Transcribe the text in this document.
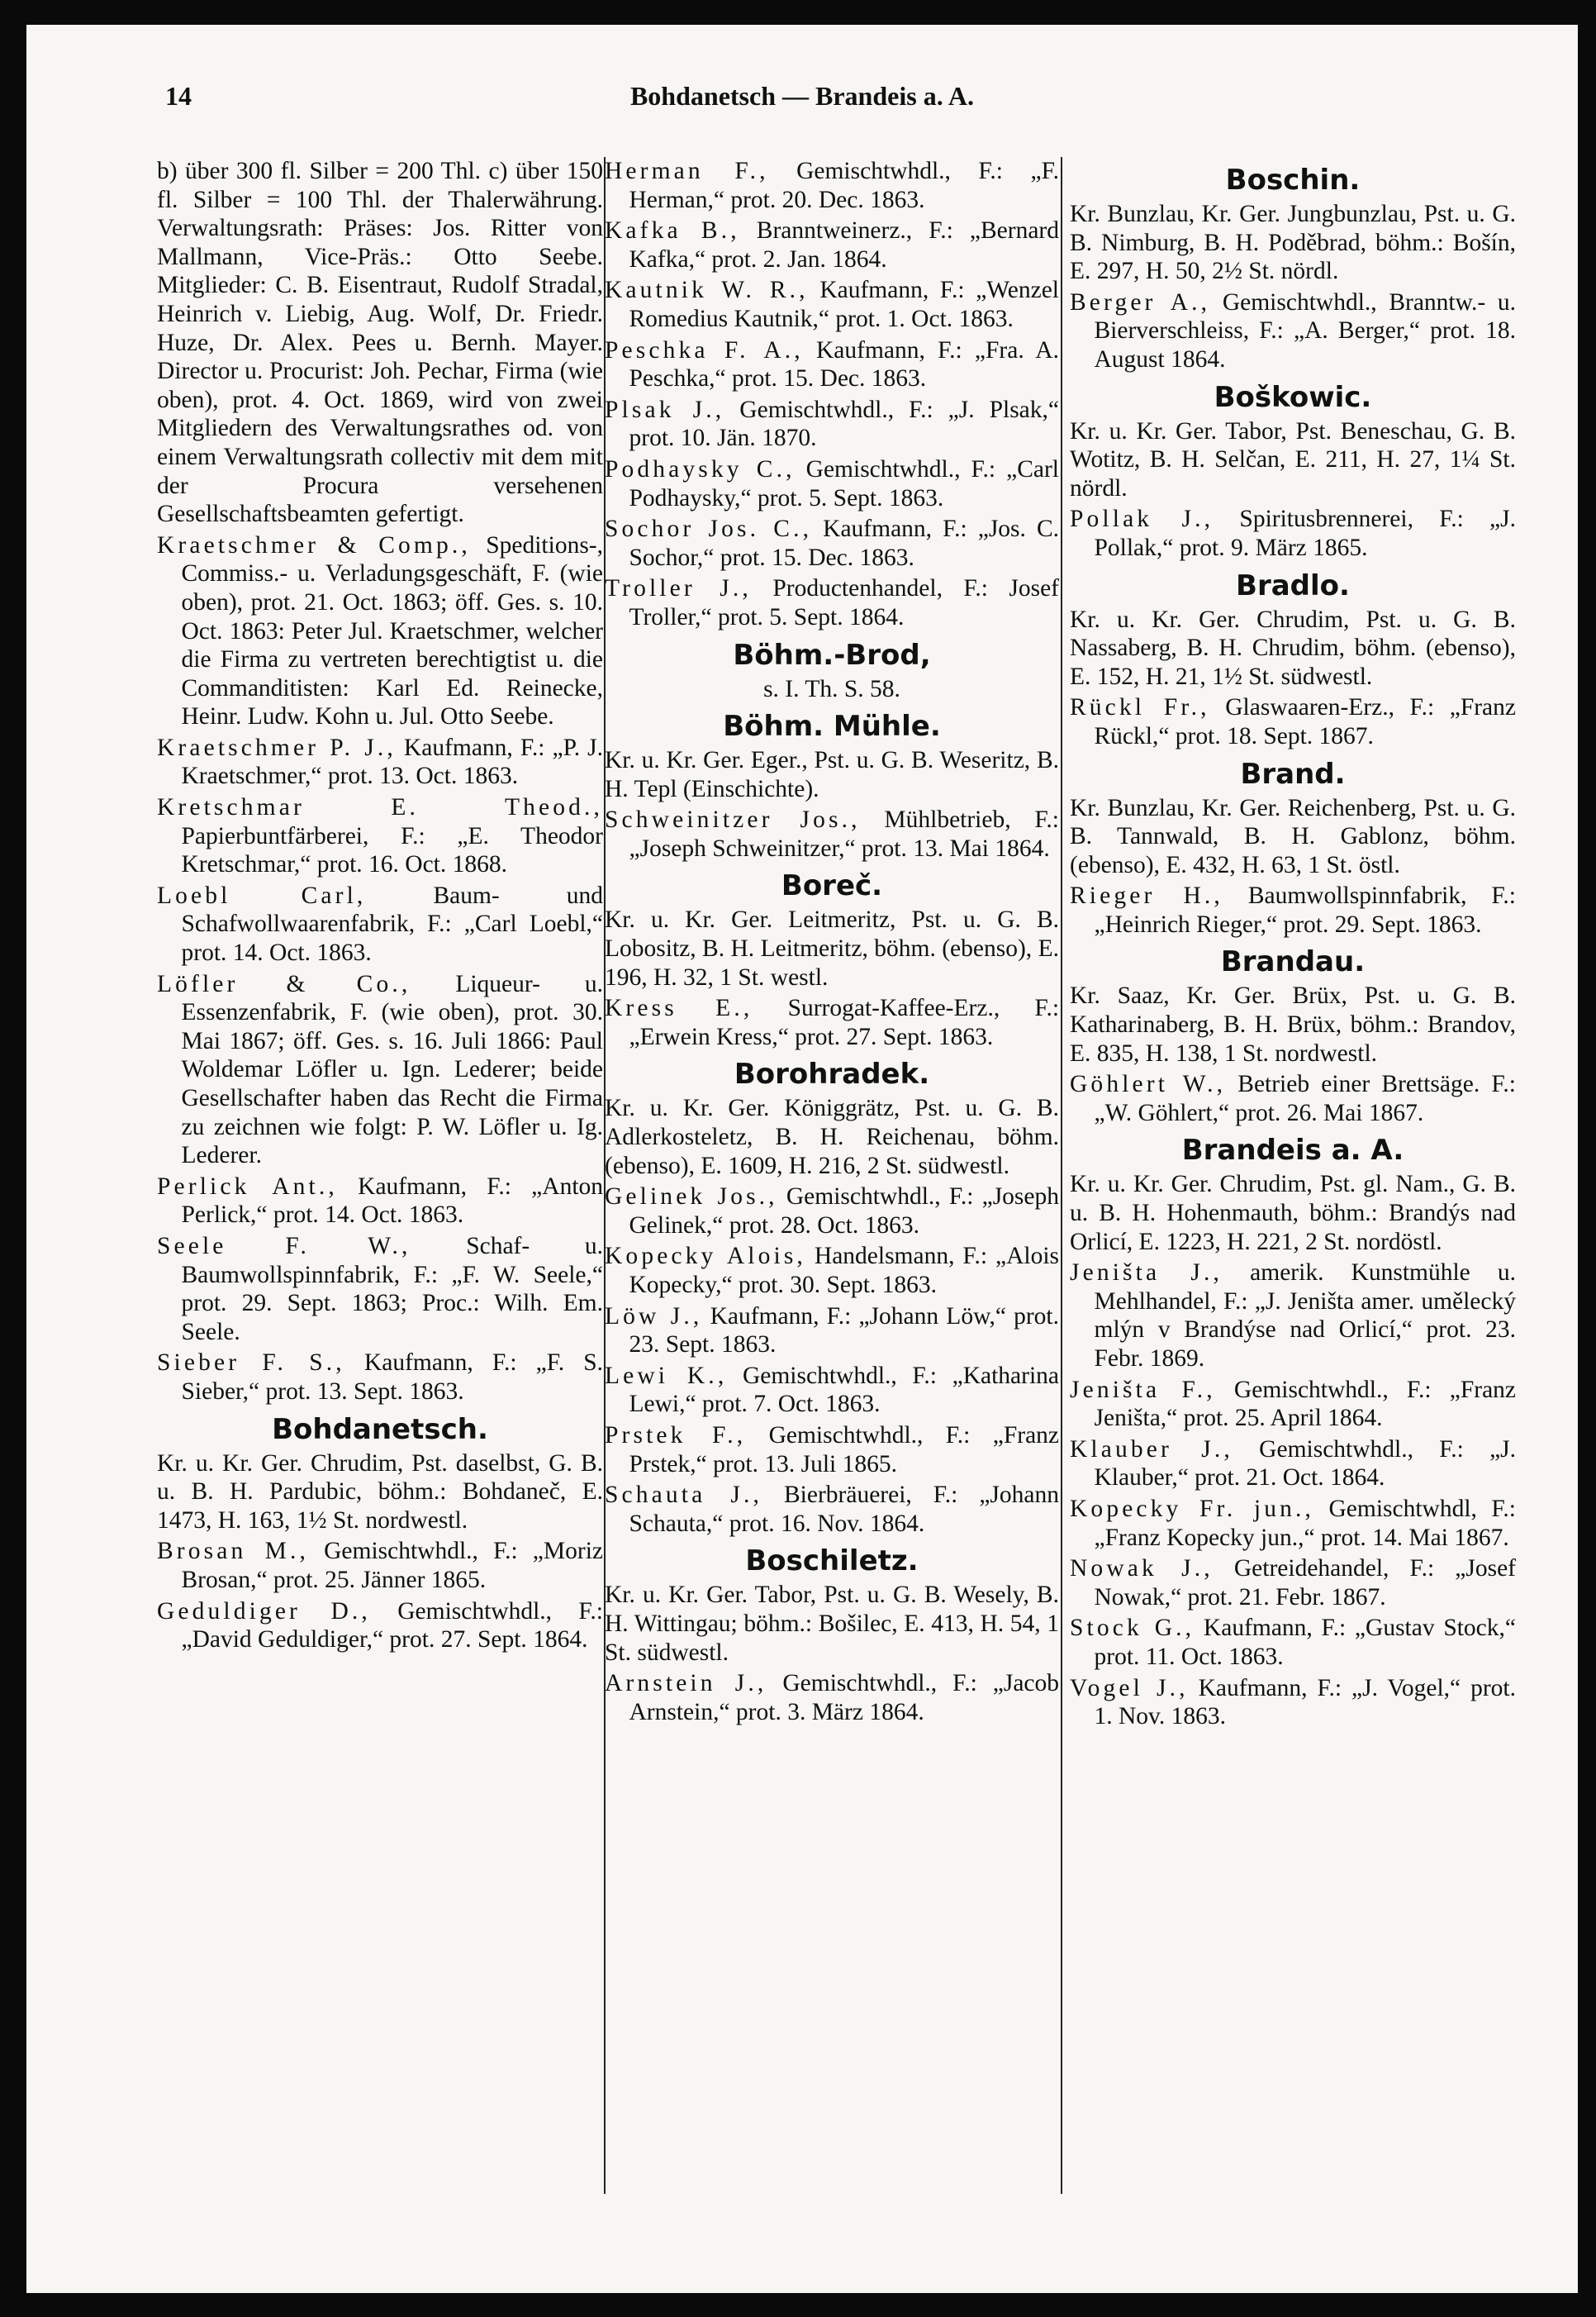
14	Bohdanetsch — Brandeis a. A.
b) über 300 fl. Silber = 200 Thl. c) über 150 fl. Silber = 100 Thl. der Thalerwährung. Verwaltungsrath: Präses: Jos. Ritter von Mallmann, Vice-Präs.: Otto Seebe. Mitglieder: C. B. Eisentraut, Rudolf Stradal, Heinrich v. Liebig, Aug. Wolf, Dr. Friedr. Huze, Dr. Alex. Pees u. Bernh. Mayer. Director u. Procurist: Joh. Pechar, Firma (wie oben), prot. 4. Oct. 1869, wird von zwei Mitgliedern des Verwaltungsrathes od. von einem Verwaltungsrath collectiv mit dem mit der Procura versehenen Gesellschaftsbeamten gefertigt.
Kraetschmer & Comp., Speditions-, Commiss.- u. Verladungsgeschäft, F. (wie oben), prot. 21. Oct. 1863; öff. Ges. s. 10. Oct. 1863: Peter Jul. Kraetschmer, welcher die Firma zu vertreten berechtigtist u. die Commanditisten: Karl Ed. Reinecke, Heinr. Ludw. Kohn u. Jul. Otto Seebe.
Kraetschmer P. J., Kaufmann, F.: „P. J. Kraetschmer,“ prot. 13. Oct. 1863.
Kretschmar E. Theod., Papierbuntfärberei, F.: „E. Theodor Kretschmar,“ prot. 16. Oct. 1868.
Loebl Carl,	Baum- und Schafwollwaarenfabrik, F.: „Carl Loebl,“ prot. 14. Oct. 1863.
Löfler & Co., Liqueur- u. Essenzenfabrik, F. (wie oben), prot. 30. Mai 1867; öff. Ges. s. 16. Juli 1866: Paul Woldemar Löfler u. Ign. Lederer; beide Gesellschafter haben das Recht die Firma zu zeichnen wie folgt: P. W. Löfler u. Ig. Lederer.
Perlick Ant., Kaufmann, F.: „Anton Perlick,“ prot. 14. Oct. 1863.
Seele F. W., Schaf- u. Baumwollspinnfabrik, F.: „F. W. Seele,“ prot. 29. Sept. 1863; Proc.: Wilh. Em. Seele.
Sieber F. S., Kaufmann, F.: „F. S. Sieber,“ prot. 13. Sept. 1863.
Bohdanetsch.
Kr. u. Kr. Ger. Chrudim, Pst. daselbst, G. B. u. B. H. Pardubic, böhm.: Bohdaneč, E. 1473, H. 163, 1½ St. nordwestl.
Brosan M., Gemischtwhdl., F.: „Moriz Brosan,“ prot. 25. Jänner 1865.
Geduldiger D., Gemischtwhdl., F.: „David Geduldiger,“ prot. 27. Sept. 1864.
Herman F., Gemischtwhdl., F.: „F. Herman,“ prot. 20. Dec. 1863.
Kafka B., Branntweinerz., F.: „Bernard Kafka,“ prot. 2. Jan. 1864.
Kautnik W. R., Kaufmann, F.: „Wenzel Romedius Kautnik,“ prot. 1. Oct. 1863.
Peschka F. A., Kaufmann, F.: „Fra. A. Peschka,“ prot. 15. Dec. 1863.
Plsak J., Gemischtwhdl., F.: „J. Plsak,“ prot. 10. Jän. 1870.
Podhaysky C., Gemischtwhdl., F.: „Carl Podhaysky,“ prot. 5. Sept. 1863.
Sochor Jos. C., Kaufmann, F.: „Jos. C. Sochor,“ prot. 15. Dec. 1863.
Troller J., Productenhandel, F.: Josef Troller,“ prot. 5. Sept. 1864.
Böhm.-Brod,
s. I. Th. S. 58.
Böhm. Mühle.
Kr. u. Kr. Ger. Eger., Pst. u. G. B. Weseritz, B. H. Tepl (Einschichte).
Schweinitzer Jos., Mühlbetrieb, F.: „Joseph Schweinitzer,“ prot. 13. Mai 1864.
Boreč.
Kr. u. Kr. Ger. Leitmeritz, Pst. u. G. B. Lobositz, B. H. Leitmeritz, böhm. (ebenso), E. 196, H. 32, 1 St. westl.
Kress E., Surrogat-Kaffee-Erz., F.: „Erwein Kress,“ prot. 27. Sept. 1863.
Borohradek.
Kr. u. Kr. Ger. Königgrätz, Pst. u. G. B. Adlerkosteletz, B. H. Reichenau, böhm. (ebenso), E. 1609, H. 216, 2 St. südwestl.
Gelinek Jos., Gemischtwhdl., F.: „Joseph Gelinek,“ prot. 28. Oct. 1863.
Kopecky Alois, Handelsmann, F.: „Alois Kopecky,“ prot. 30. Sept. 1863.
Löw J., Kaufmann, F.: „Johann Löw,“ prot. 23. Sept. 1863.
Lewi K., Gemischtwhdl., F.: „Katharina Lewi,“ prot. 7. Oct. 1863.
Prstek F., Gemischtwhdl., F.: „Franz Prstek,“ prot. 13. Juli 1865.
Schauta J., Bierbräuerei, F.: „Johann Schauta,“ prot. 16. Nov. 1864.
Boschiletz.
Kr. u. Kr. Ger. Tabor, Pst. u. G. B. Wesely, B. H. Wittingau; böhm.: Bošilec, E. 413, H. 54, 1 St. südwestl.
Arnstein J., Gemischtwhdl., F.: „Jacob Arnstein,“ prot. 3. März 1864.
Boschin.
Kr. Bunzlau, Kr. Ger. Jungbunzlau, Pst. u. G. B. Nimburg, B. H. Poděbrad, böhm.: Bošín, E. 297, H. 50, 2½ St. nördl.
Berger A., Gemischtwhdl., Branntw.- u. Bierverschleiss, F.: „A. Berger,“ prot. 18. August 1864.
Boškowic.
Kr. u. Kr. Ger. Tabor, Pst. Beneschau, G. B. Wotitz, B. H. Selčan, E. 211, H. 27, 1¼ St. nördl.
Pollak J., Spiritusbrennerei, F.: „J. Pollak,“ prot. 9. März 1865.
Bradlo.
Kr. u. Kr. Ger. Chrudim, Pst. u. G. B. Nassaberg, B. H. Chrudim, böhm. (ebenso), E. 152, H. 21, 1½ St. südwestl.
Rückl Fr., Glaswaaren-Erz., F.: „Franz Rückl,“ prot. 18. Sept. 1867.
Brand.
Kr. Bunzlau, Kr. Ger. Reichenberg, Pst. u. G. B. Tannwald, B. H. Gablonz, böhm. (ebenso), E. 432, H. 63, 1 St. östl.
Rieger H., Baumwollspinnfabrik, F.: „Heinrich Rieger,“ prot. 29. Sept. 1863.
Brandau.
Kr. Saaz, Kr. Ger. Brüx, Pst. u. G. B. Katharinaberg, B. H. Brüx, böhm.: Brandov, E. 835, H. 138, 1 St. nordwestl.
Göhlert W., Betrieb einer Brettsäge. F.: „W. Göhlert,“ prot. 26. Mai 1867.
Brandeis a. A.
Kr. u. Kr. Ger. Chrudim, Pst. gl. Nam., G. B. u. B. H. Hohenmauth, böhm.: Brandýs nad Orlicí, E. 1223, H. 221, 2 St. nordöstl.
Jeništa J., amerik. Kunstmühle u. Mehlhandel, F.: „J. Jeništa amer. umělecký mlýn v Brandýse nad Orlicí,“ prot. 23. Febr. 1869.
Jeništa F., Gemischtwhdl., F.: „Franz Jeništa,“ prot. 25. April 1864.
Klauber J., Gemischtwhdl., F.: „J. Klauber,“ prot. 21. Oct. 1864.
Kopecky Fr. jun., Gemischtwhdl, F.: „Franz Kopecky jun.,“ prot. 14. Mai 1867.
Nowak J., Getreidehandel, F.: „Josef Nowak,“ prot. 21. Febr. 1867.
Stock G., Kaufmann, F.: „Gustav Stock,“ prot. 11. Oct. 1863.
Vogel J., Kaufmann, F.: „J. Vogel,“ prot. 1. Nov. 1863.
